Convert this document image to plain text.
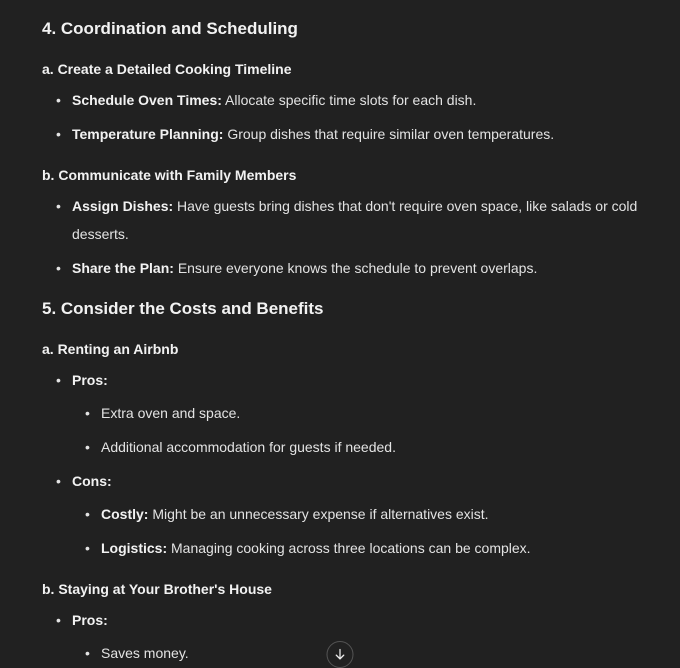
4. Coordination and Scheduling
a. Create a Detailed Cooking Timeline
• Schedule Oven Times: Allocate specific time slots for each dish.
• Temperature Planning: Group dishes that require similar oven temperatures.
b. Communicate with Family Members
• Assign Dishes: Have guests bring dishes that don't require oven space, like salads or cold desserts.
• Share the Plan: Ensure everyone knows the schedule to prevent overlaps.
5. Consider the Costs and Benefits
a. Renting an Airbnb
• Pros:
• Extra oven and space.
• Additional accommodation for guests if needed.
• Cons:
• Costly: Might be an unnecessary expense if alternatives exist.
• Logistics: Managing cooking across three locations can be complex.
b. Staying at Your Brother's House
• Pros:
• Saves money.
